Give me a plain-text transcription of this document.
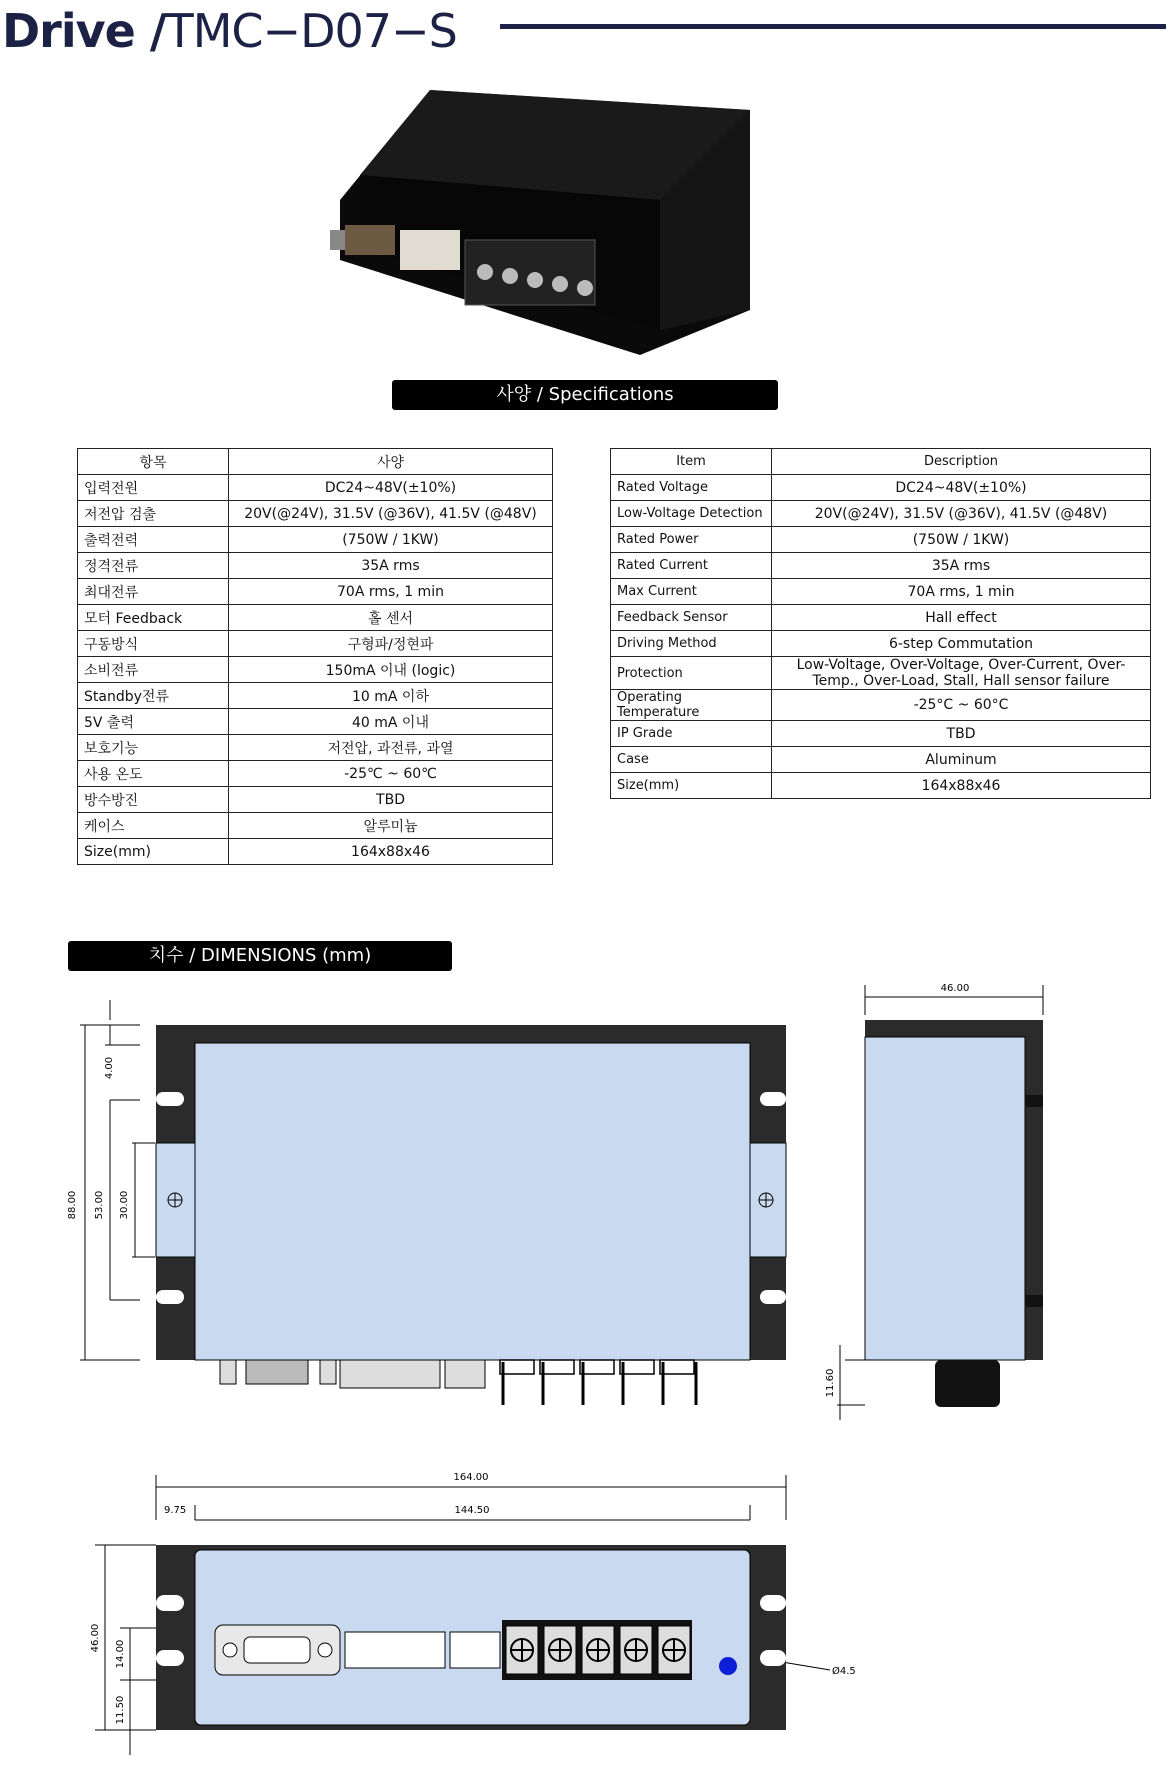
Drive /TMC−D07−S
사양 / Specifications
항목	사양
입력전원	DC24~48V(±10%)
저전압 검출	20V(@24V), 31.5V (@36V), 41.5V (@48V)
출력전력	(750W / 1KW)
정격전류	35A rms
최대전류	70A rms, 1 min
모터 Feedback	홀 센서
구동방식	구형파/정현파
소비전류	150mA 이내 (logic)
Standby전류	10 mA 이하
5V 출력	40 mA 이내
보호기능	저전압, 과전류, 과열
사용 온도	-25℃ ~ 60℃
방수방진	TBD
케이스	알루미늄
Size(mm)	164x88x46
Item	Description
Rated Voltage	DC24~48V(±10%)
Low-Voltage Detection	20V(@24V), 31.5V (@36V), 41.5V (@48V)
Rated Power	(750W / 1KW)
Rated Current	35A rms
Max Current	70A rms, 1 min
Feedback Sensor	Hall effect
Driving Method	6-step Commutation
Protection	Low-Voltage, Over-Voltage, Over-Current, Over-Temp., Over-Load, Stall, Hall sensor failure
Operating Temperature	-25°C ~ 60°C
IP Grade	TBD
Case	Aluminum
Size(mm)	164x88x46
치수 / DIMENSIONS (mm)
88.00 53.00 30.00
4.00
46.00
11.60
164.00
144.50
9.75
46.00
14.00
11.50
Ø4.5
